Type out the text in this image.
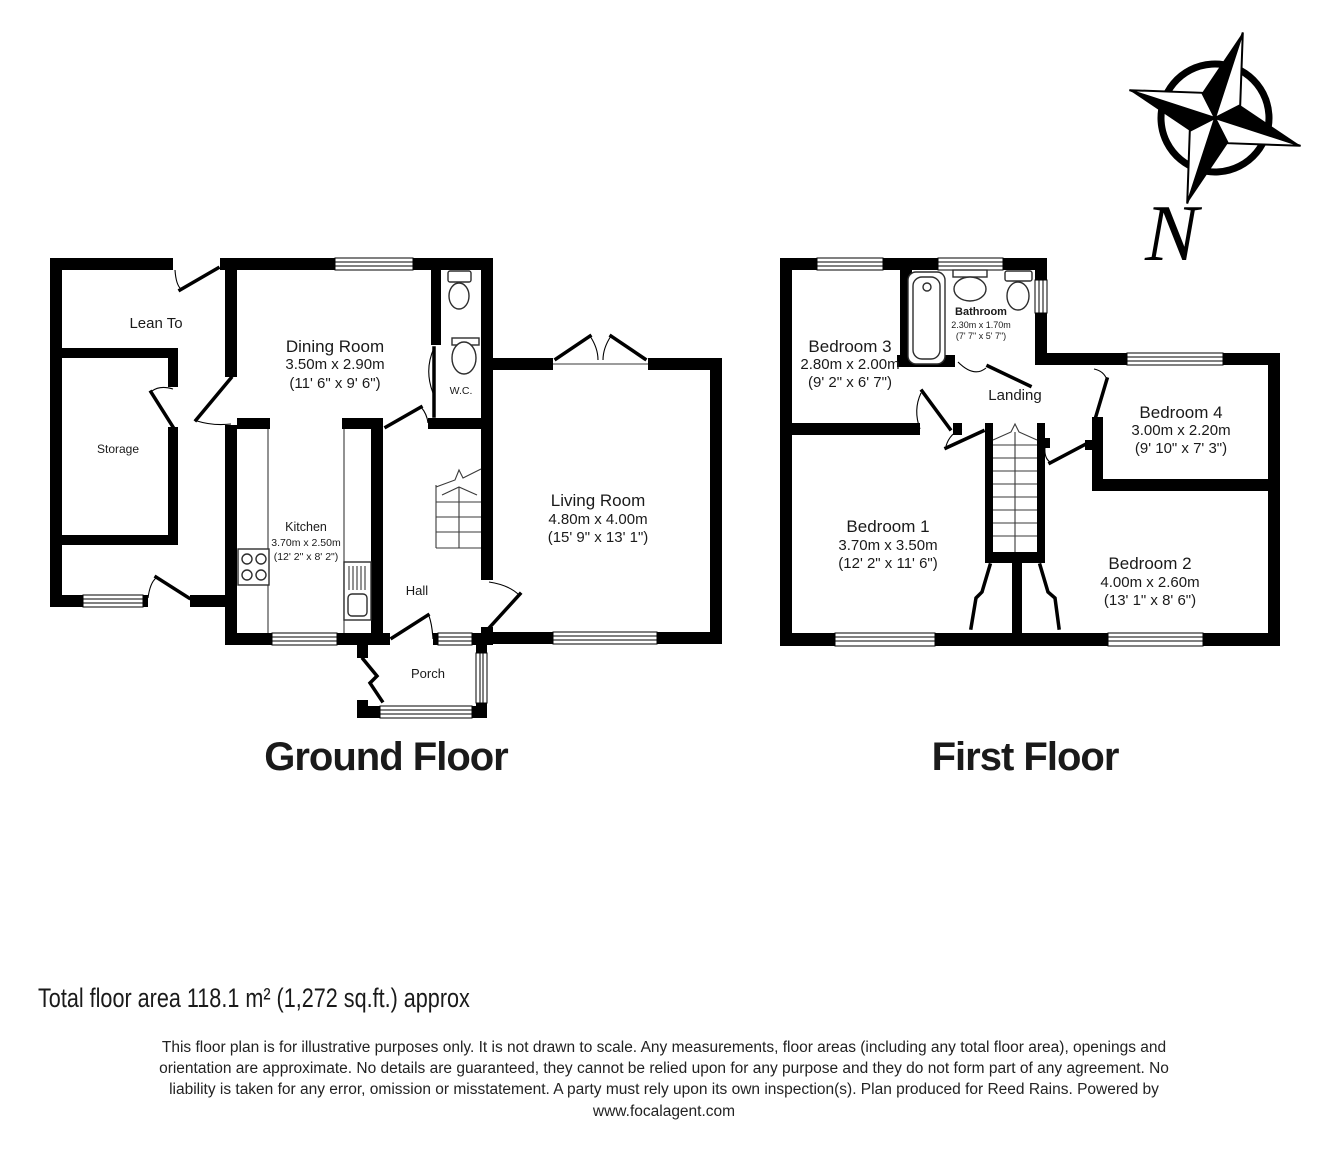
N
Lean To
Storage
Dining Room
3.50m x 2.90m
(11' 6" x 9' 6")	W.C.
Kitchen
3.70m x 2.50m
(12' 2" x 8' 2")
Hall
Living Room
4.80m x 4.00m
(15' 9" x 13' 1")
Porch
Ground Floor
Bedroom 3
2.80m x 2.00m
(9' 2" x 6' 7")
Bathroom
2.30m x 1.70m
(7' 7" x 5' 7")
Landing
Bedroom 4
3.00m x 2.20m
(9' 10" x 7' 3")
Bedroom 1
3.70m x 3.50m
(12' 2" x 11' 6")	Bedroom 2
4.00m x 2.60m
(13' 1" x 8' 6")
First Floor
Total floor area 118.1 m² (1,272 sq.ft.) approx
This floor plan is for illustrative purposes only. It is not drawn to scale. Any measurements, floor areas (including any total floor area), openings and
orientation are approximate. No details are guaranteed, they cannot be relied upon for any purpose and they do not form part of any agreement. No
liability is taken for any error, omission or misstatement. A party must rely upon its own inspection(s). Plan produced for Reed Rains. Powered by
www.focalagent.com
